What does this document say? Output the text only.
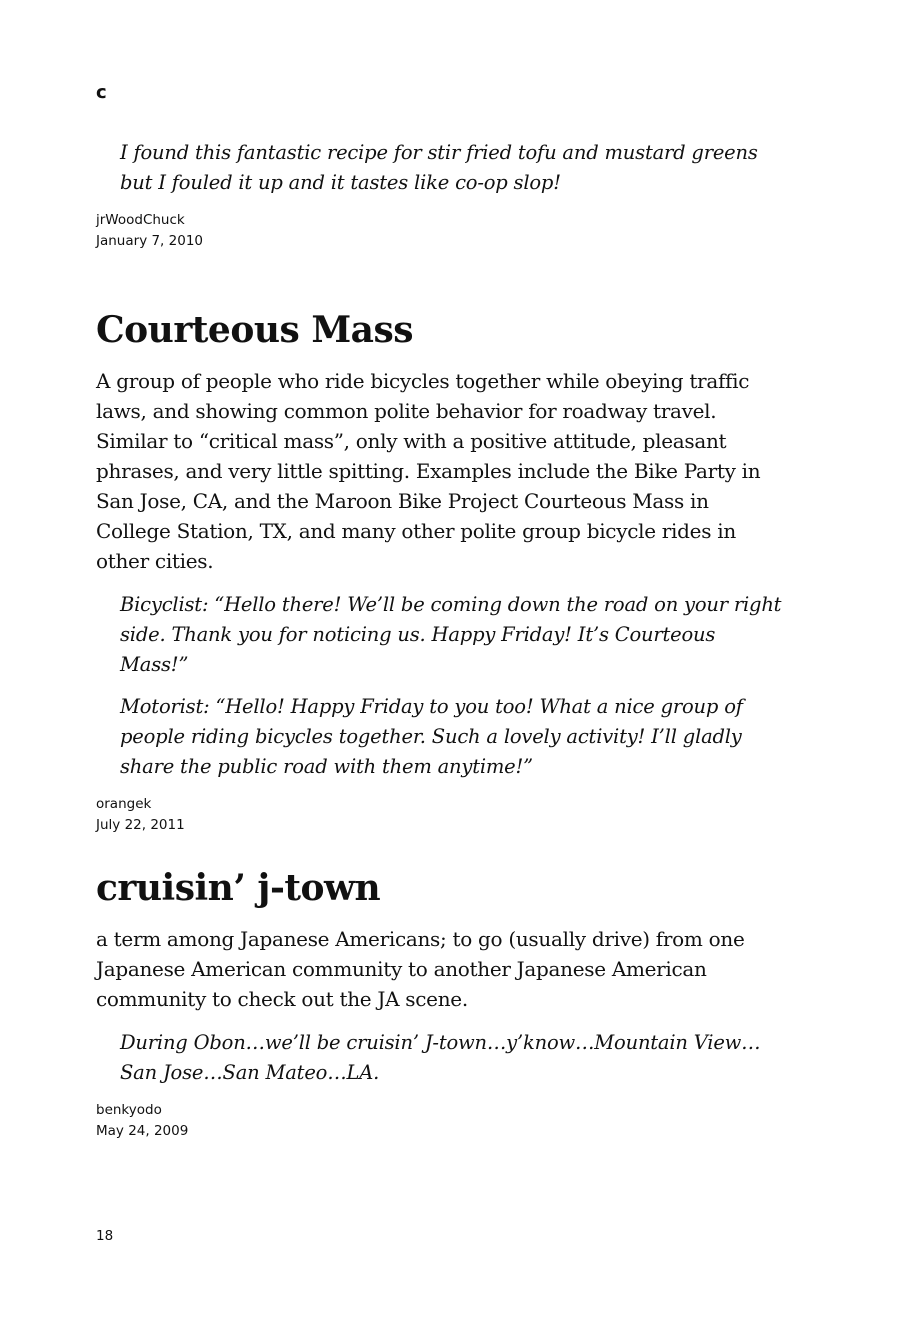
c

I found this fantastic recipe for stir fried tofu and mustard greens but I fouled it up and it tastes like co-op slop!

jrWoodChuck
January 7, 2010
Courteous Mass

A group of people who ride bicycles together while obeying traffic laws, and showing common polite behavior for roadway travel. Similar to “critical mass”, only with a positive attitude, pleasant phrases, and very little spitting. Examples include the Bike Party in San Jose, CA, and the Maroon Bike Project Courteous Mass in College Station, TX, and many other polite group bicycle rides in other cities.

Bicyclist: “Hello there! We’ll be coming down the road on your right side. Thank you for noticing us. Happy Friday! It’s Courteous Mass!”

Motorist: “Hello! Happy Friday to you too! What a nice group of people riding bicycles together. Such a lovely activity! I’ll gladly share the public road with them anytime!”

orangek
July 22, 2011
cruisin’ j-town

a term among Japanese Americans; to go (usually drive) from one Japanese American community to another Japanese American community to check out the JA scene.

During Obon…we’ll be cruisin’ J-town…y’know…Mountain View…San Jose…San Mateo…LA.

benkyodo
May 24, 2009
18
